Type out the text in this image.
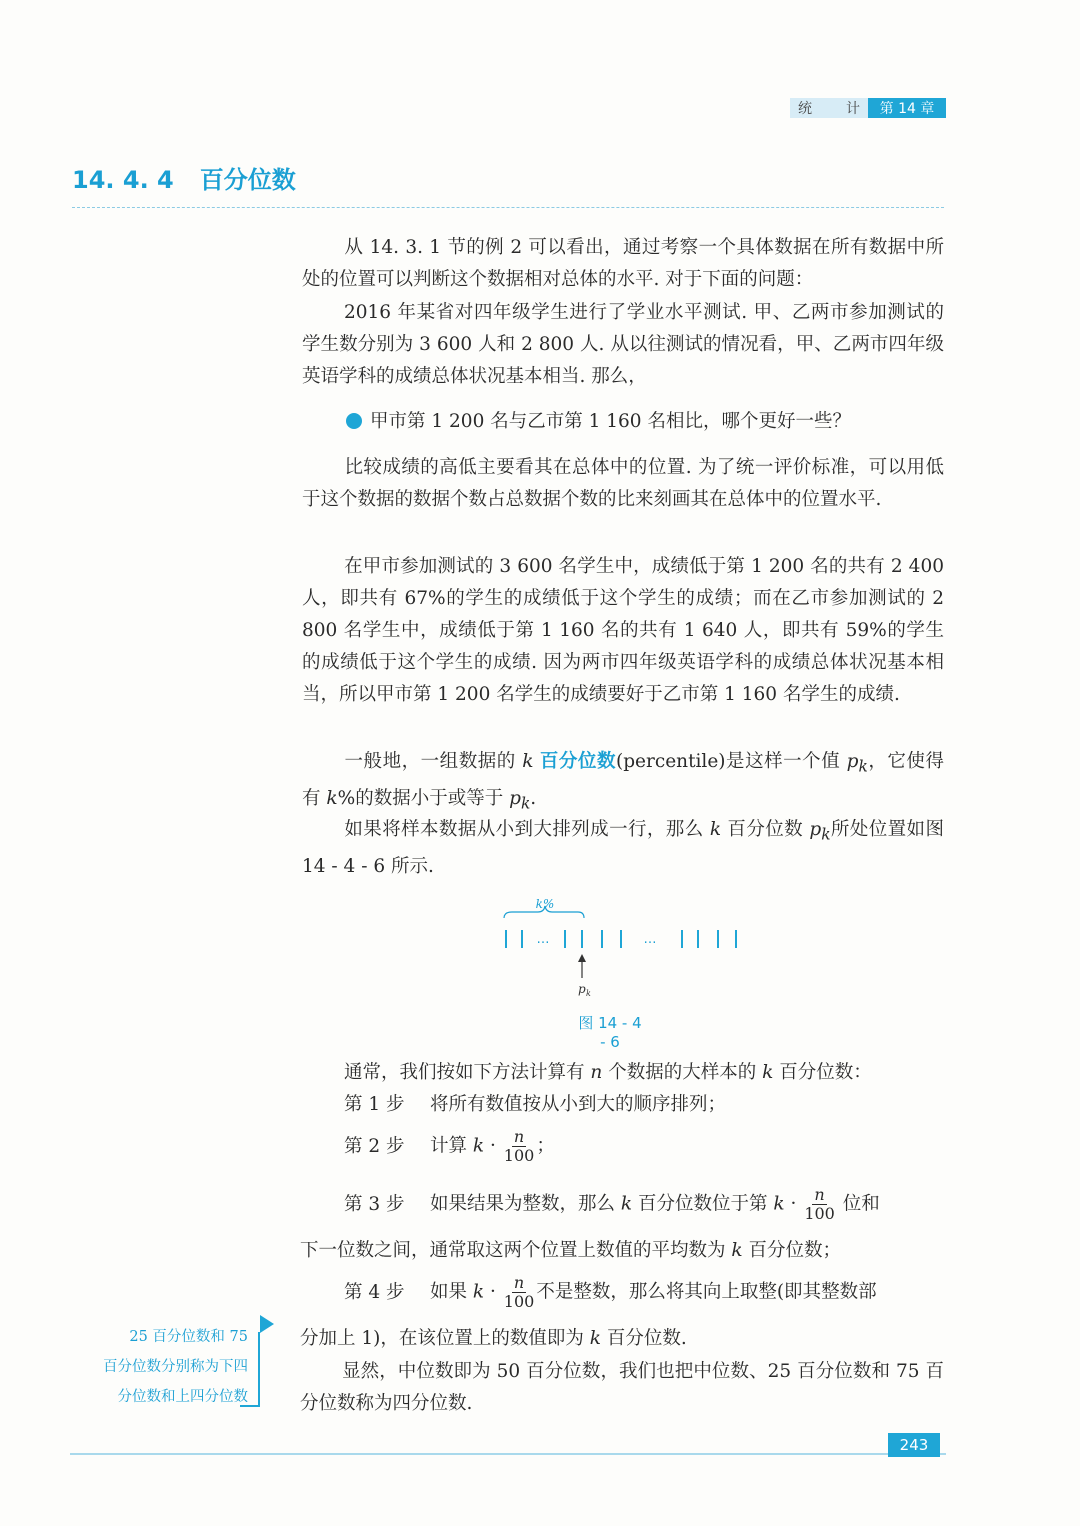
统 计	第 14 章
14. 4. 4 百分位数

从 14. 3. 1 节的例 2 可以看出，通过考察一个具体数据在所有数据中所处的位置可以判断这个数据相对总体的水平. 对于下面的问题：

2016 年某省对四年级学生进行了学业水平测试. 甲、乙两市参加测试的学生数分别为 3 600 人和 2 800 人. 从以往测试的情况看，甲、乙两市四年级英语学科的成绩总体状况基本相当. 那么，

甲市第 1 200 名与乙市第 1 160 名相比，哪个更好一些？

比较成绩的高低主要看其在总体中的位置. 为了统一评价标准，可以用低于这个数据的数据个数占总数据个数的比来刻画其在总体中的位置水平.

在甲市参加测试的 3 600 名学生中，成绩低于第 1 200 名的共有 2 400 人，即共有 67%的学生的成绩低于这个学生的成绩；而在乙市参加测试的 2 800 名学生中，成绩低于第 1 160 名的共有 1 640 人，即共有 59%的学生的成绩低于这个学生的成绩. 因为两市四年级英语学科的成绩总体状况基本相当，所以甲市第 1 200 名学生的成绩要好于乙市第 1 160 名学生的成绩.

一般地，一组数据的 k 百分位数(percentile)是这样一个值 $p_k$，它使得有 k%的数据小于或等于 $p_k$.

如果将样本数据从小到大排列成一行，那么 k 百分位数 $p_k$所处位置如图 14 - 4 - 6 所示.

k%
…	…
p k
图 14 - 4 - 6
通常，我们按如下方法计算有 n 个数据的大样本的 k 百分位数：
第 1 步 将所有数值按从小到大的顺序排列；
第 2 步 计算 $k \cdot \frac{n}{100}$ ；
第 3 步 如果结果为整数，那么 k 百分位数位于第 $k \cdot \frac{n}{100}$ 位和
下一位数之间，通常取这两个位置上数值的平均数为 k 百分位数；
第 4 步 如果 $k \cdot \frac{n}{100}$ 不是整数，那么将其向上取整(即其整数部
分加上 1)，在该位置上的数值即为 k 百分位数.

显然，中位数即为 50 百分位数，我们也把中位数、25 百分位数和 75 百分位数称为四分位数.

25 百分位数和 75
百分位数分别称为下四
分位数和上四分位数
243
